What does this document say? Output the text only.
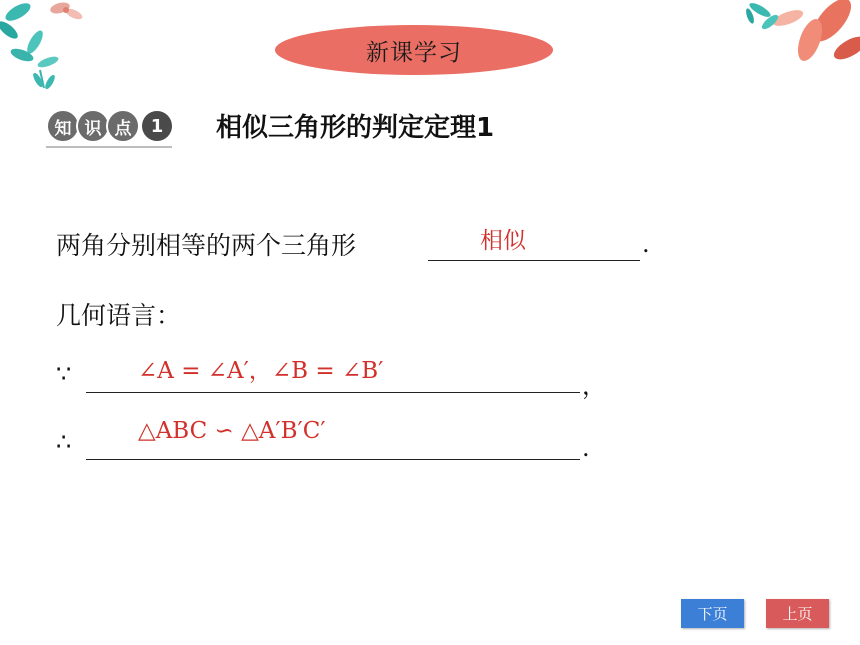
新课学习
知 识 点	1	相似三角形的判定定理1
两角分别相等的两个三角形	相似	.
几何语言：
∵	∠A = ∠A′，∠B = ∠B′
，
∴	△ABC ∽ △A′B′C′
.
下页	上页
